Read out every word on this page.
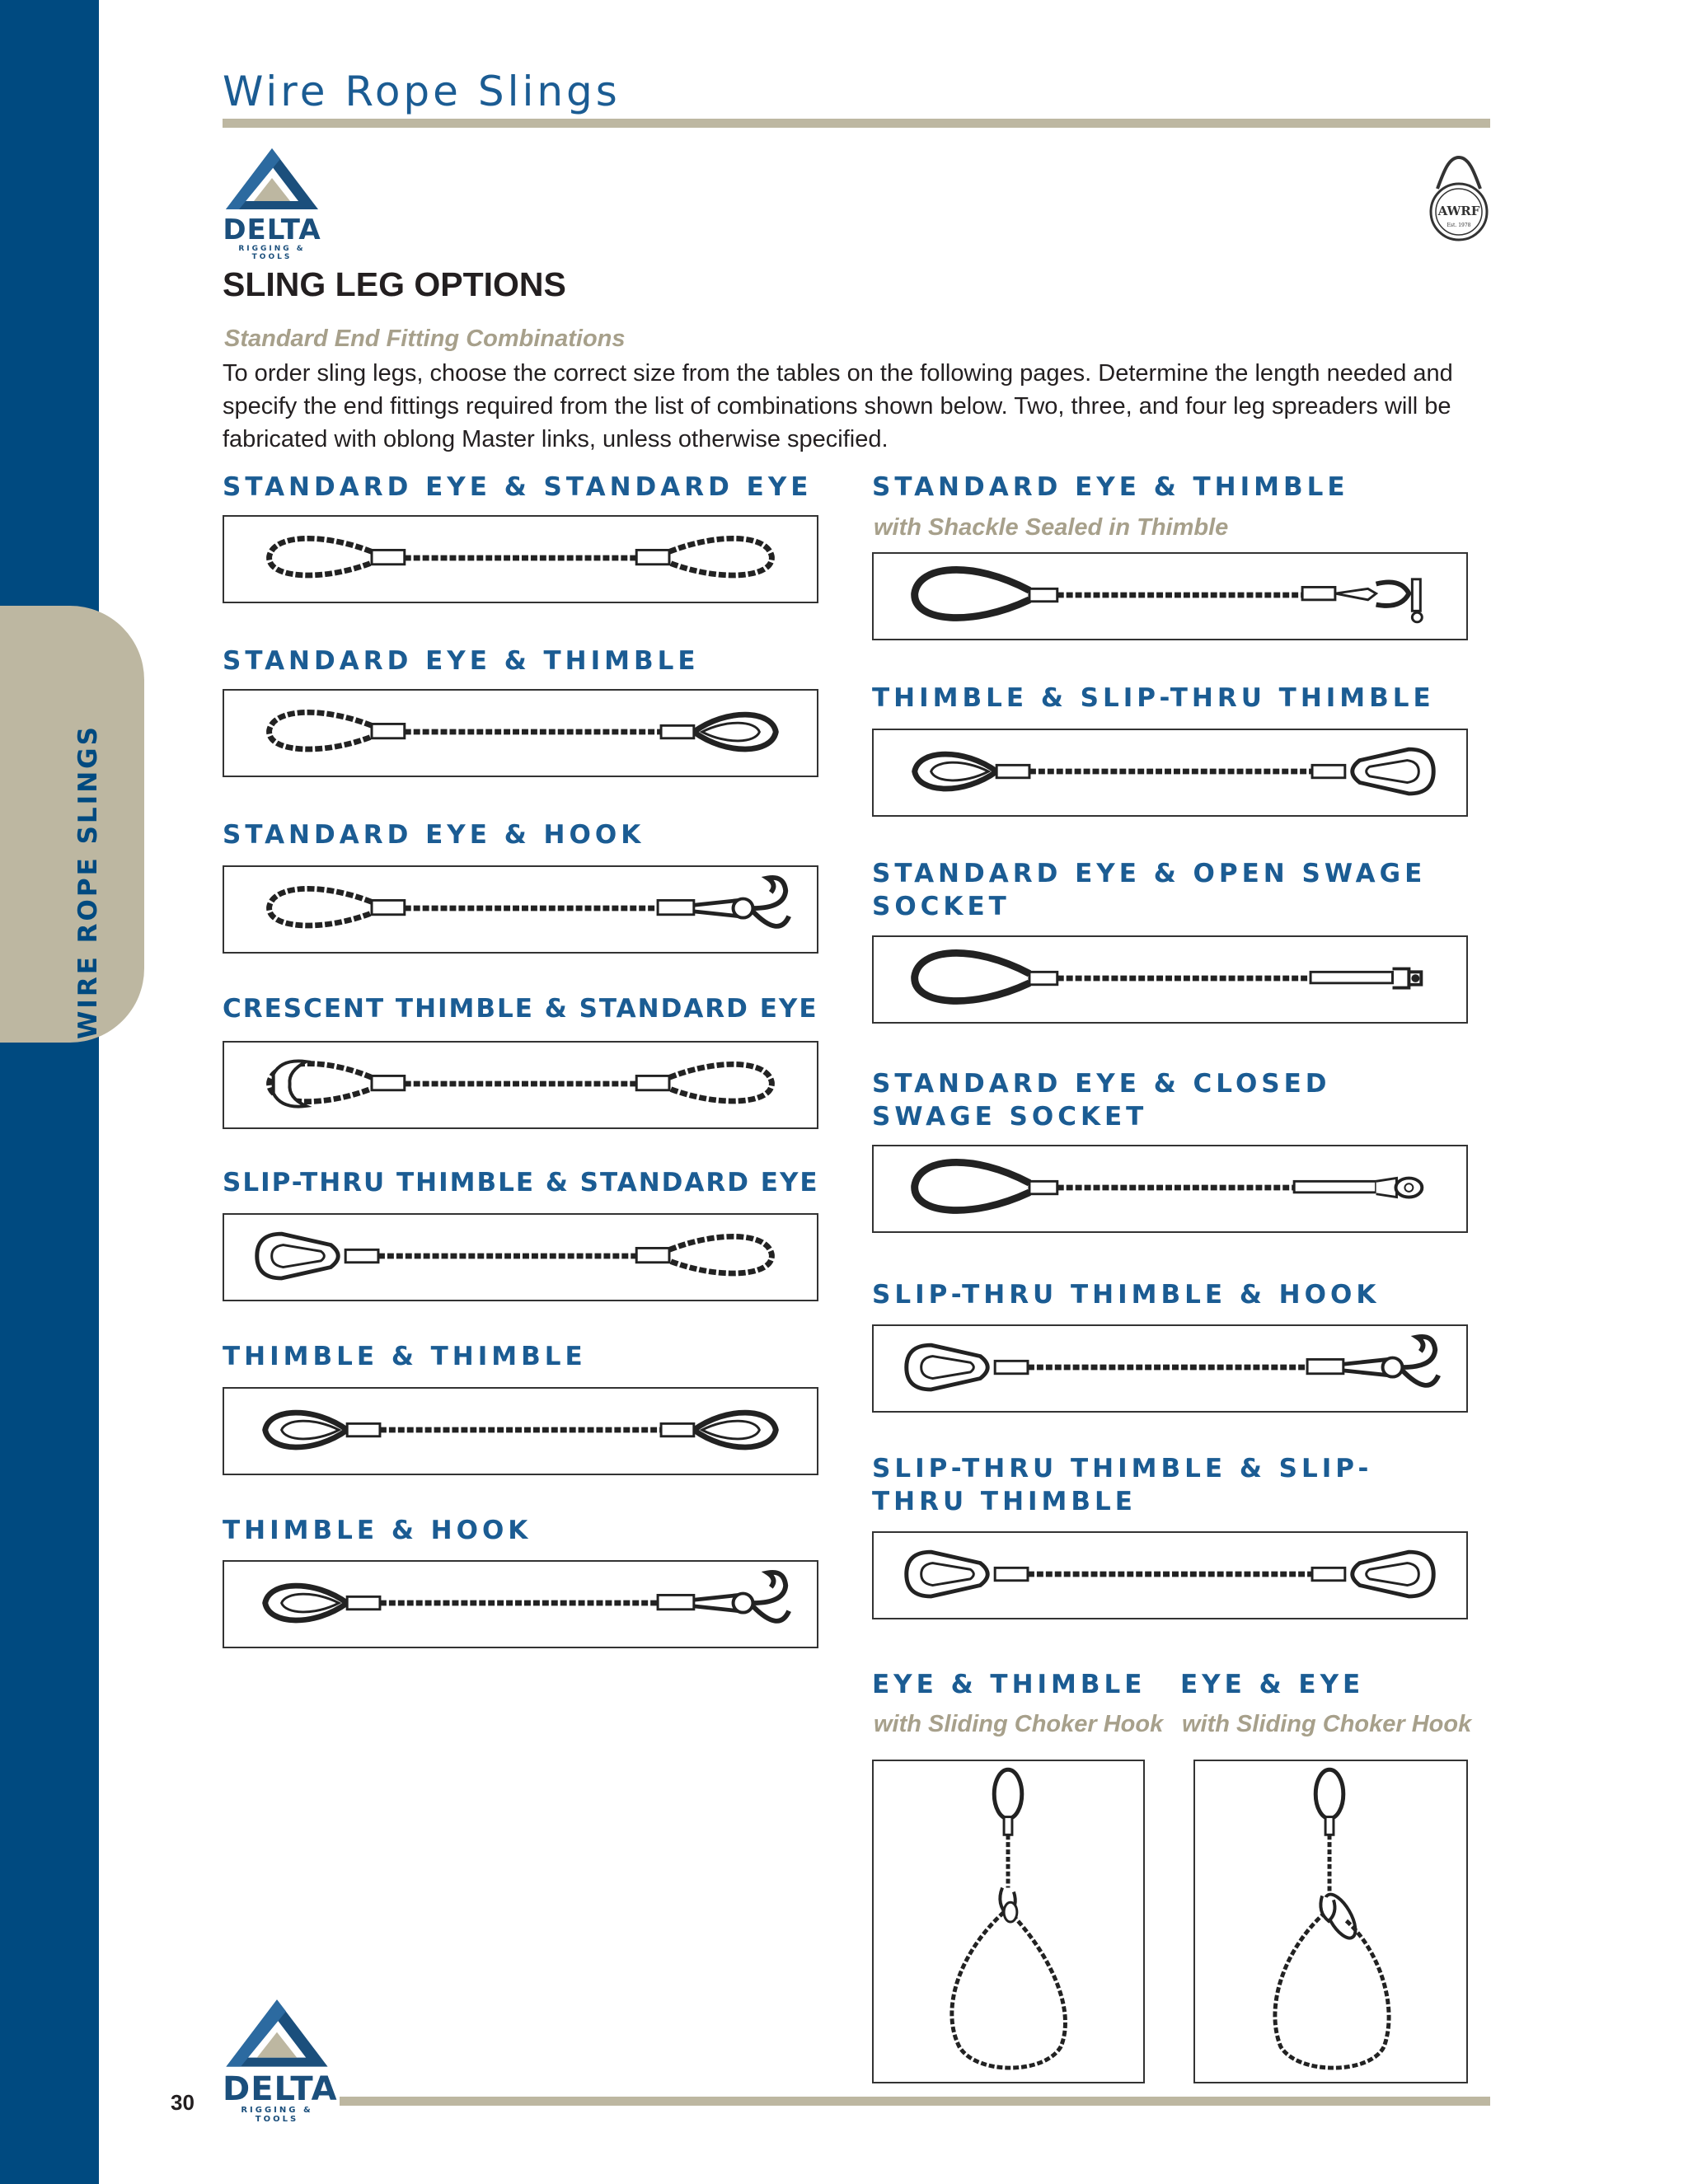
WIRE ROPE SLINGS
Wire Rope Slings
DELTA
RIGGING & TOOLS
AWRF
Est. 1978
SLING LEG OPTIONS
Standard End Fitting Combinations

To order sling legs, choose the correct size from the tables on the following pages. Determine the length needed and

specify the end fittings required from the list of combinations shown below. Two, three, and four leg spreaders will be

fabricated with oblong Master links, unless otherwise specified.

STANDARD EYE & STANDARD EYE
STANDARD EYE & THIMBLE
STANDARD EYE & HOOK
CRESCENT THIMBLE & STANDARD EYE
SLIP-THRU THIMBLE & STANDARD EYE
THIMBLE & THIMBLE
THIMBLE & HOOK
STANDARD EYE & THIMBLE
with Shackle Sealed in Thimble
THIMBLE & SLIP-THRU THIMBLE
STANDARD EYE & OPEN SWAGE
SOCKET
STANDARD EYE & CLOSED
SWAGE SOCKET
SLIP-THRU THIMBLE & HOOK
SLIP-THRU THIMBLE & SLIP-
THRU THIMBLE
EYE & THIMBLE
with Sliding Choker Hook
EYE & EYE
with Sliding Choker Hook
30 DELTA
RIGGING & TOOLS
